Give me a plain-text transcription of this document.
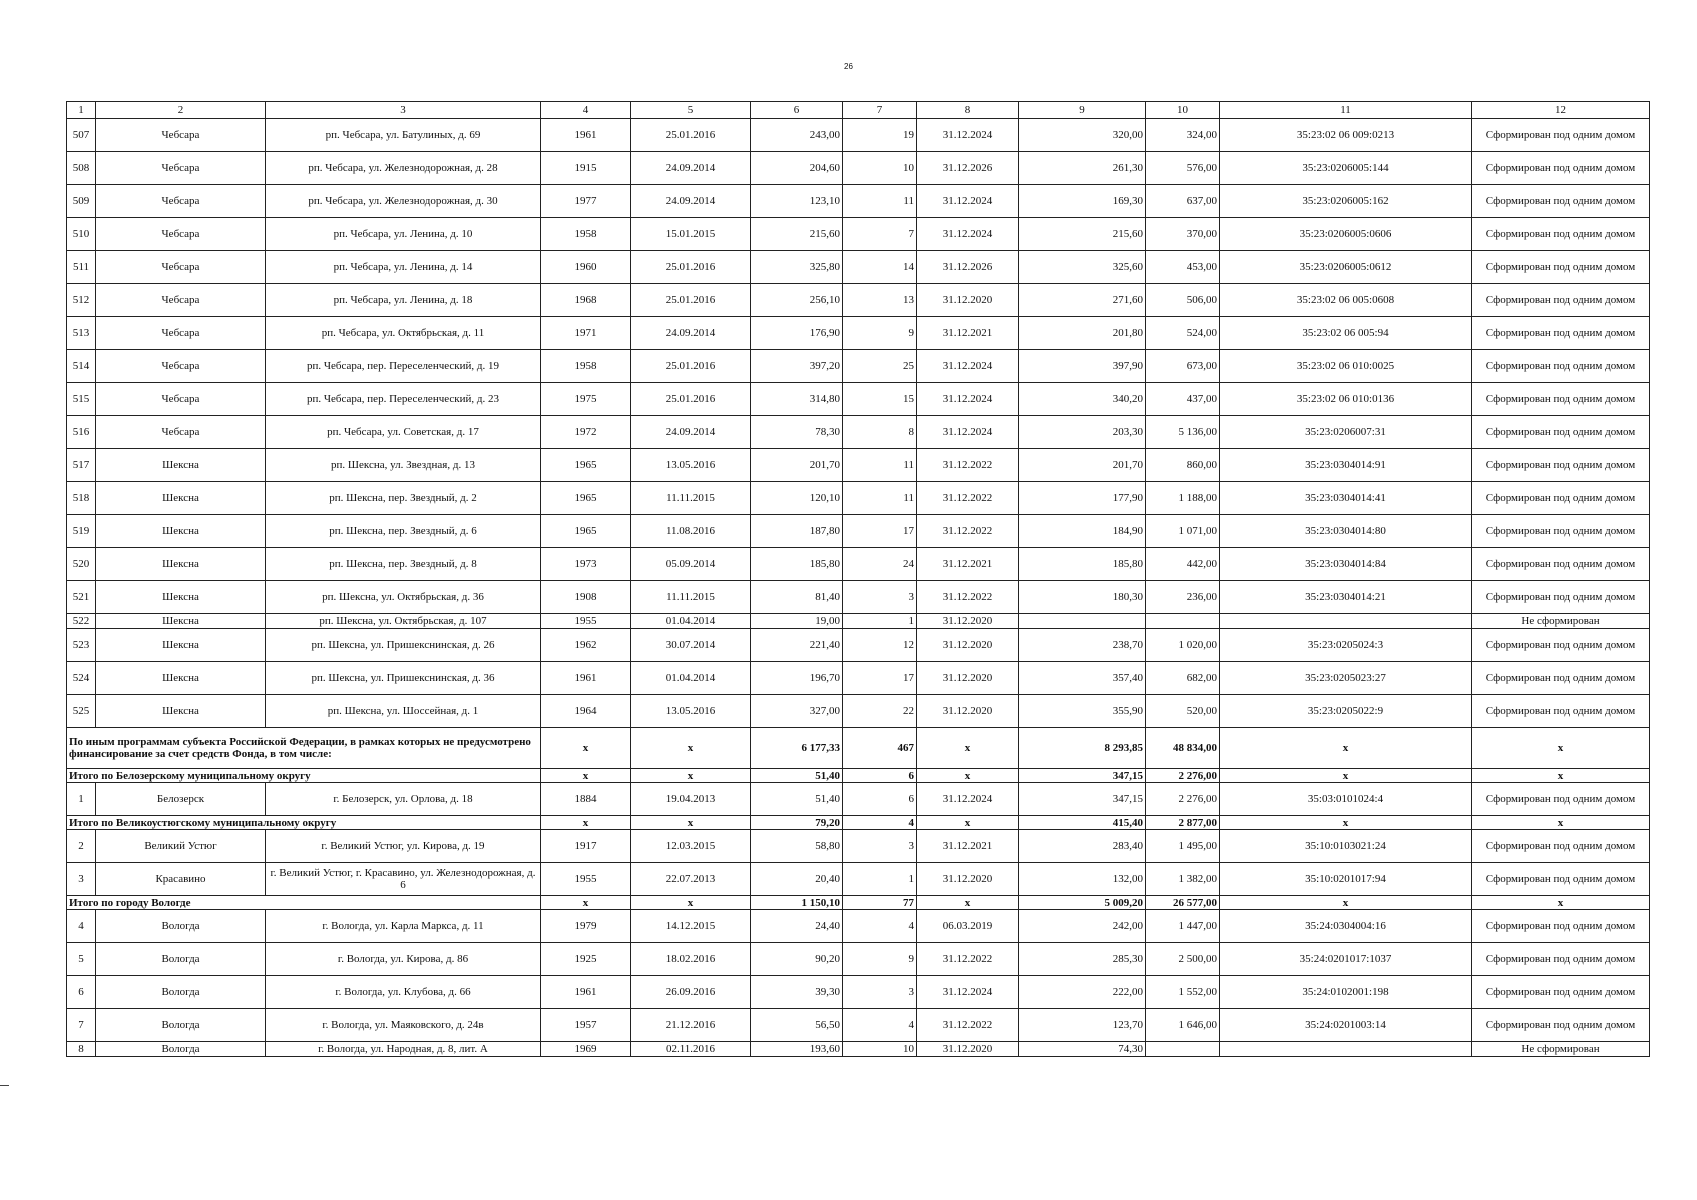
26
1	2	3	4	5	6	7	8	9	10	11	12
507	Чебсара	рп. Чебсара, ул. Батулиных, д. 69	1961	25.01.2016	243,00	19	31.12.2024	320,00	324,00	35:23:02 06 009:0213	Сформирован под одним домом
508	Чебсара	рп. Чебсара, ул. Железнодорожная, д. 28	1915	24.09.2014	204,60	10	31.12.2026	261,30	576,00	35:23:0206005:144	Сформирован под одним домом
509	Чебсара	рп. Чебсара, ул. Железнодорожная, д. 30	1977	24.09.2014	123,10	11	31.12.2024	169,30	637,00	35:23:0206005:162	Сформирован под одним домом
510	Чебсара	рп. Чебсара, ул. Ленина, д. 10	1958	15.01.2015	215,60	7	31.12.2024	215,60	370,00	35:23:0206005:0606	Сформирован под одним домом
511	Чебсара	рп. Чебсара, ул. Ленина, д. 14	1960	25.01.2016	325,80	14	31.12.2026	325,60	453,00	35:23:0206005:0612	Сформирован под одним домом
512	Чебсара	рп. Чебсара, ул. Ленина, д. 18	1968	25.01.2016	256,10	13	31.12.2020	271,60	506,00	35:23:02 06 005:0608	Сформирован под одним домом
513	Чебсара	рп. Чебсара, ул. Октябрьская, д. 11	1971	24.09.2014	176,90	9	31.12.2021	201,80	524,00	35:23:02 06 005:94	Сформирован под одним домом
514	Чебсара	рп. Чебсара, пер. Переселенческий, д. 19	1958	25.01.2016	397,20	25	31.12.2024	397,90	673,00	35:23:02 06 010:0025	Сформирован под одним домом
515	Чебсара	рп. Чебсара, пер. Переселенческий, д. 23	1975	25.01.2016	314,80	15	31.12.2024	340,20	437,00	35:23:02 06 010:0136	Сформирован под одним домом
516	Чебсара	рп. Чебсара, ул. Советская, д. 17	1972	24.09.2014	78,30	8	31.12.2024	203,30	5 136,00	35:23:0206007:31	Сформирован под одним домом
517	Шексна	рп. Шексна, ул. Звездная, д. 13	1965	13.05.2016	201,70	11	31.12.2022	201,70	860,00	35:23:0304014:91	Сформирован под одним домом
518	Шексна	рп. Шексна, пер. Звездный, д. 2	1965	11.11.2015	120,10	11	31.12.2022	177,90	1 188,00	35:23:0304014:41	Сформирован под одним домом
519	Шексна	рп. Шексна, пер. Звездный, д. 6	1965	11.08.2016	187,80	17	31.12.2022	184,90	1 071,00	35:23:0304014:80	Сформирован под одним домом
520	Шексна	рп. Шексна, пер. Звездный, д. 8	1973	05.09.2014	185,80	24	31.12.2021	185,80	442,00	35:23:0304014:84	Сформирован под одним домом
521	Шексна	рп. Шексна, ул. Октябрьская, д. 36	1908	11.11.2015	81,40	3	31.12.2022	180,30	236,00	35:23:0304014:21	Сформирован под одним домом
522	Шексна	рп. Шексна, ул. Октябрьская, д. 107	1955	01.04.2014	19,00	1	31.12.2020				Не сформирован
523	Шексна	рп. Шексна, ул. Пришекснинская, д. 26	1962	30.07.2014	221,40	12	31.12.2020	238,70	1 020,00	35:23:0205024:3	Сформирован под одним домом
524	Шексна	рп. Шексна, ул. Пришекснинская, д. 36	1961	01.04.2014	196,70	17	31.12.2020	357,40	682,00	35:23:0205023:27	Сформирован под одним домом
525	Шексна	рп. Шексна, ул. Шоссейная, д. 1	1964	13.05.2016	327,00	22	31.12.2020	355,90	520,00	35:23:0205022:9	Сформирован под одним домом
По иным программам субъекта Российской Федерации, в рамках которых не предусмотрено финансирование за счет средств Фонда, в том числе:			x	x	6 177,33	467	x	8 293,85	48 834,00	x	x
Итого по Белозерскому муниципальному округу			x	x	51,40	6	x	347,15	2 276,00	x	x
1	Белозерск	г. Белозерск, ул. Орлова, д. 18	1884	19.04.2013	51,40	6	31.12.2024	347,15	2 276,00	35:03:0101024:4	Сформирован под одним домом
Итого по Великоустюгскому муниципальному округу			x	x	79,20	4	x	415,40	2 877,00	x	x
2	Великий Устюг	г. Великий Устюг, ул. Кирова, д. 19	1917	12.03.2015	58,80	3	31.12.2021	283,40	1 495,00	35:10:0103021:24	Сформирован под одним домом
3	Красавино	г. Великий Устюг, г. Красавино, ул. Железнодорожная, д. 6	1955	22.07.2013	20,40	1	31.12.2020	132,00	1 382,00	35:10:0201017:94	Сформирован под одним домом
Итого по городу Вологде			x	x	1 150,10	77	x	5 009,20	26 577,00	x	x
4	Вологда	г. Вологда, ул. Карла Маркса, д. 11	1979	14.12.2015	24,40	4	06.03.2019	242,00	1 447,00	35:24:0304004:16	Сформирован под одним домом
5	Вологда	г. Вологда, ул. Кирова, д. 86	1925	18.02.2016	90,20	9	31.12.2022	285,30	2 500,00	35:24:0201017:1037	Сформирован под одним домом
6	Вологда	г. Вологда, ул. Клубова, д. 66	1961	26.09.2016	39,30	3	31.12.2024	222,00	1 552,00	35:24:0102001:198	Сформирован под одним домом
7	Вологда	г. Вологда, ул. Маяковского, д. 24в	1957	21.12.2016	56,50	4	31.12.2022	123,70	1 646,00	35:24:0201003:14	Сформирован под одним домом
8	Вологда	г. Вологда, ул. Народная, д. 8, лит. А	1969	02.11.2016	193,60	10	31.12.2020	74,30			Не сформирован
